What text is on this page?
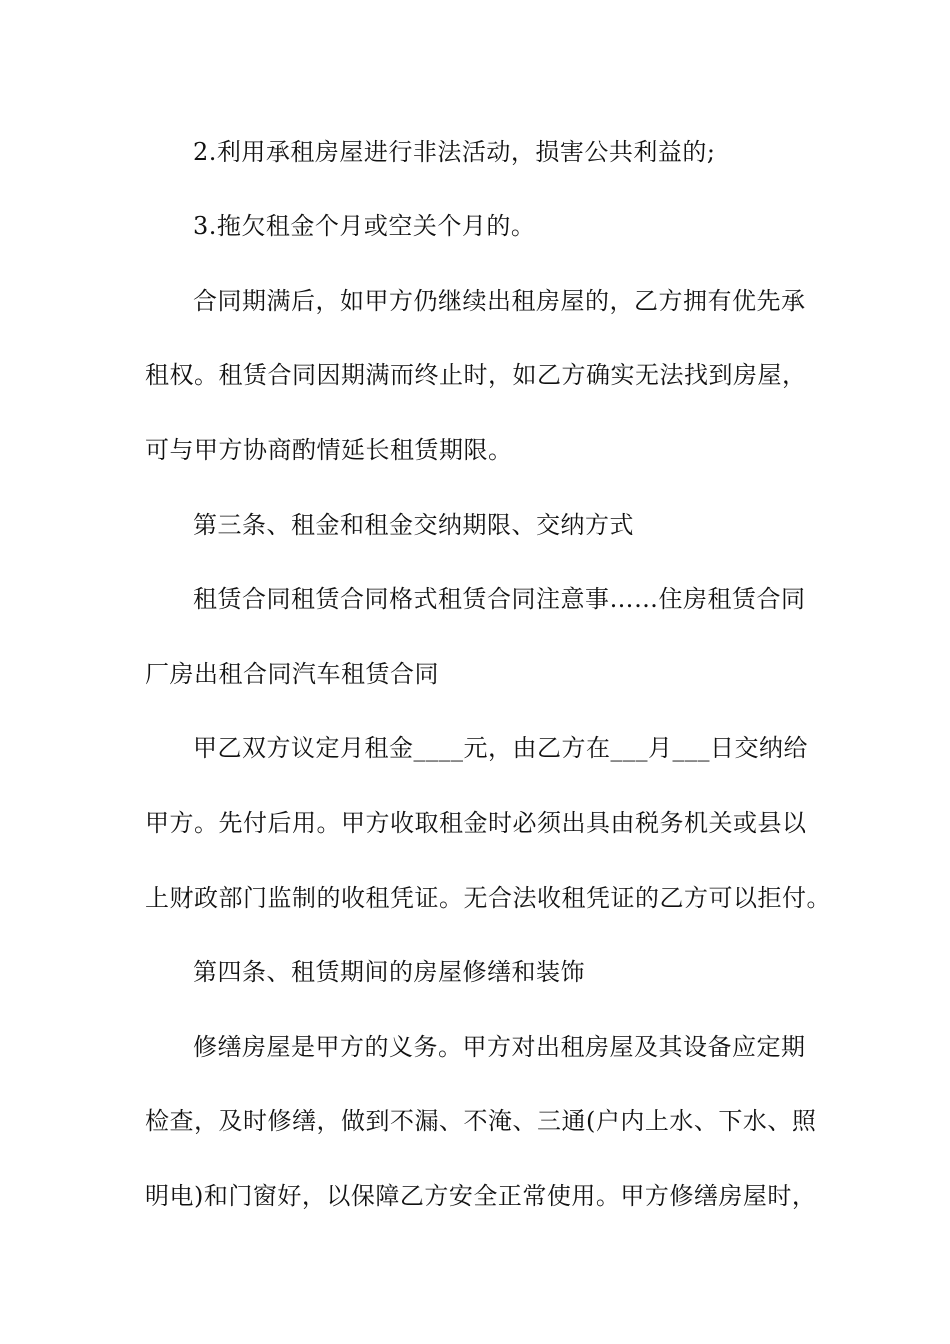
2.利用承租房屋进行非法活动，损害公共利益的;
3.拖欠租金个月或空关个月的。
合同期满后，如甲方仍继续出租房屋的，乙方拥有优先承
租权。租赁合同因期满而终止时，如乙方确实无法找到房屋，
可与甲方协商酌情延长租赁期限。
第三条、租金和租金交纳期限、交纳方式
租赁合同租赁合同格式租赁合同注意事……住房租赁合同
厂房出租合同汽车租赁合同
甲乙双方议定月租金____元，由乙方在___月___日交纳给
甲方。先付后用。甲方收取租金时必须出具由税务机关或县以
上财政部门监制的收租凭证。无合法收租凭证的乙方可以拒付。
第四条、租赁期间的房屋修缮和装饰
修缮房屋是甲方的义务。甲方对出租房屋及其设备应定期
检查，及时修缮，做到不漏、不淹、三通(户内上水、下水、照
明电)和门窗好，以保障乙方安全正常使用。甲方修缮房屋时，
